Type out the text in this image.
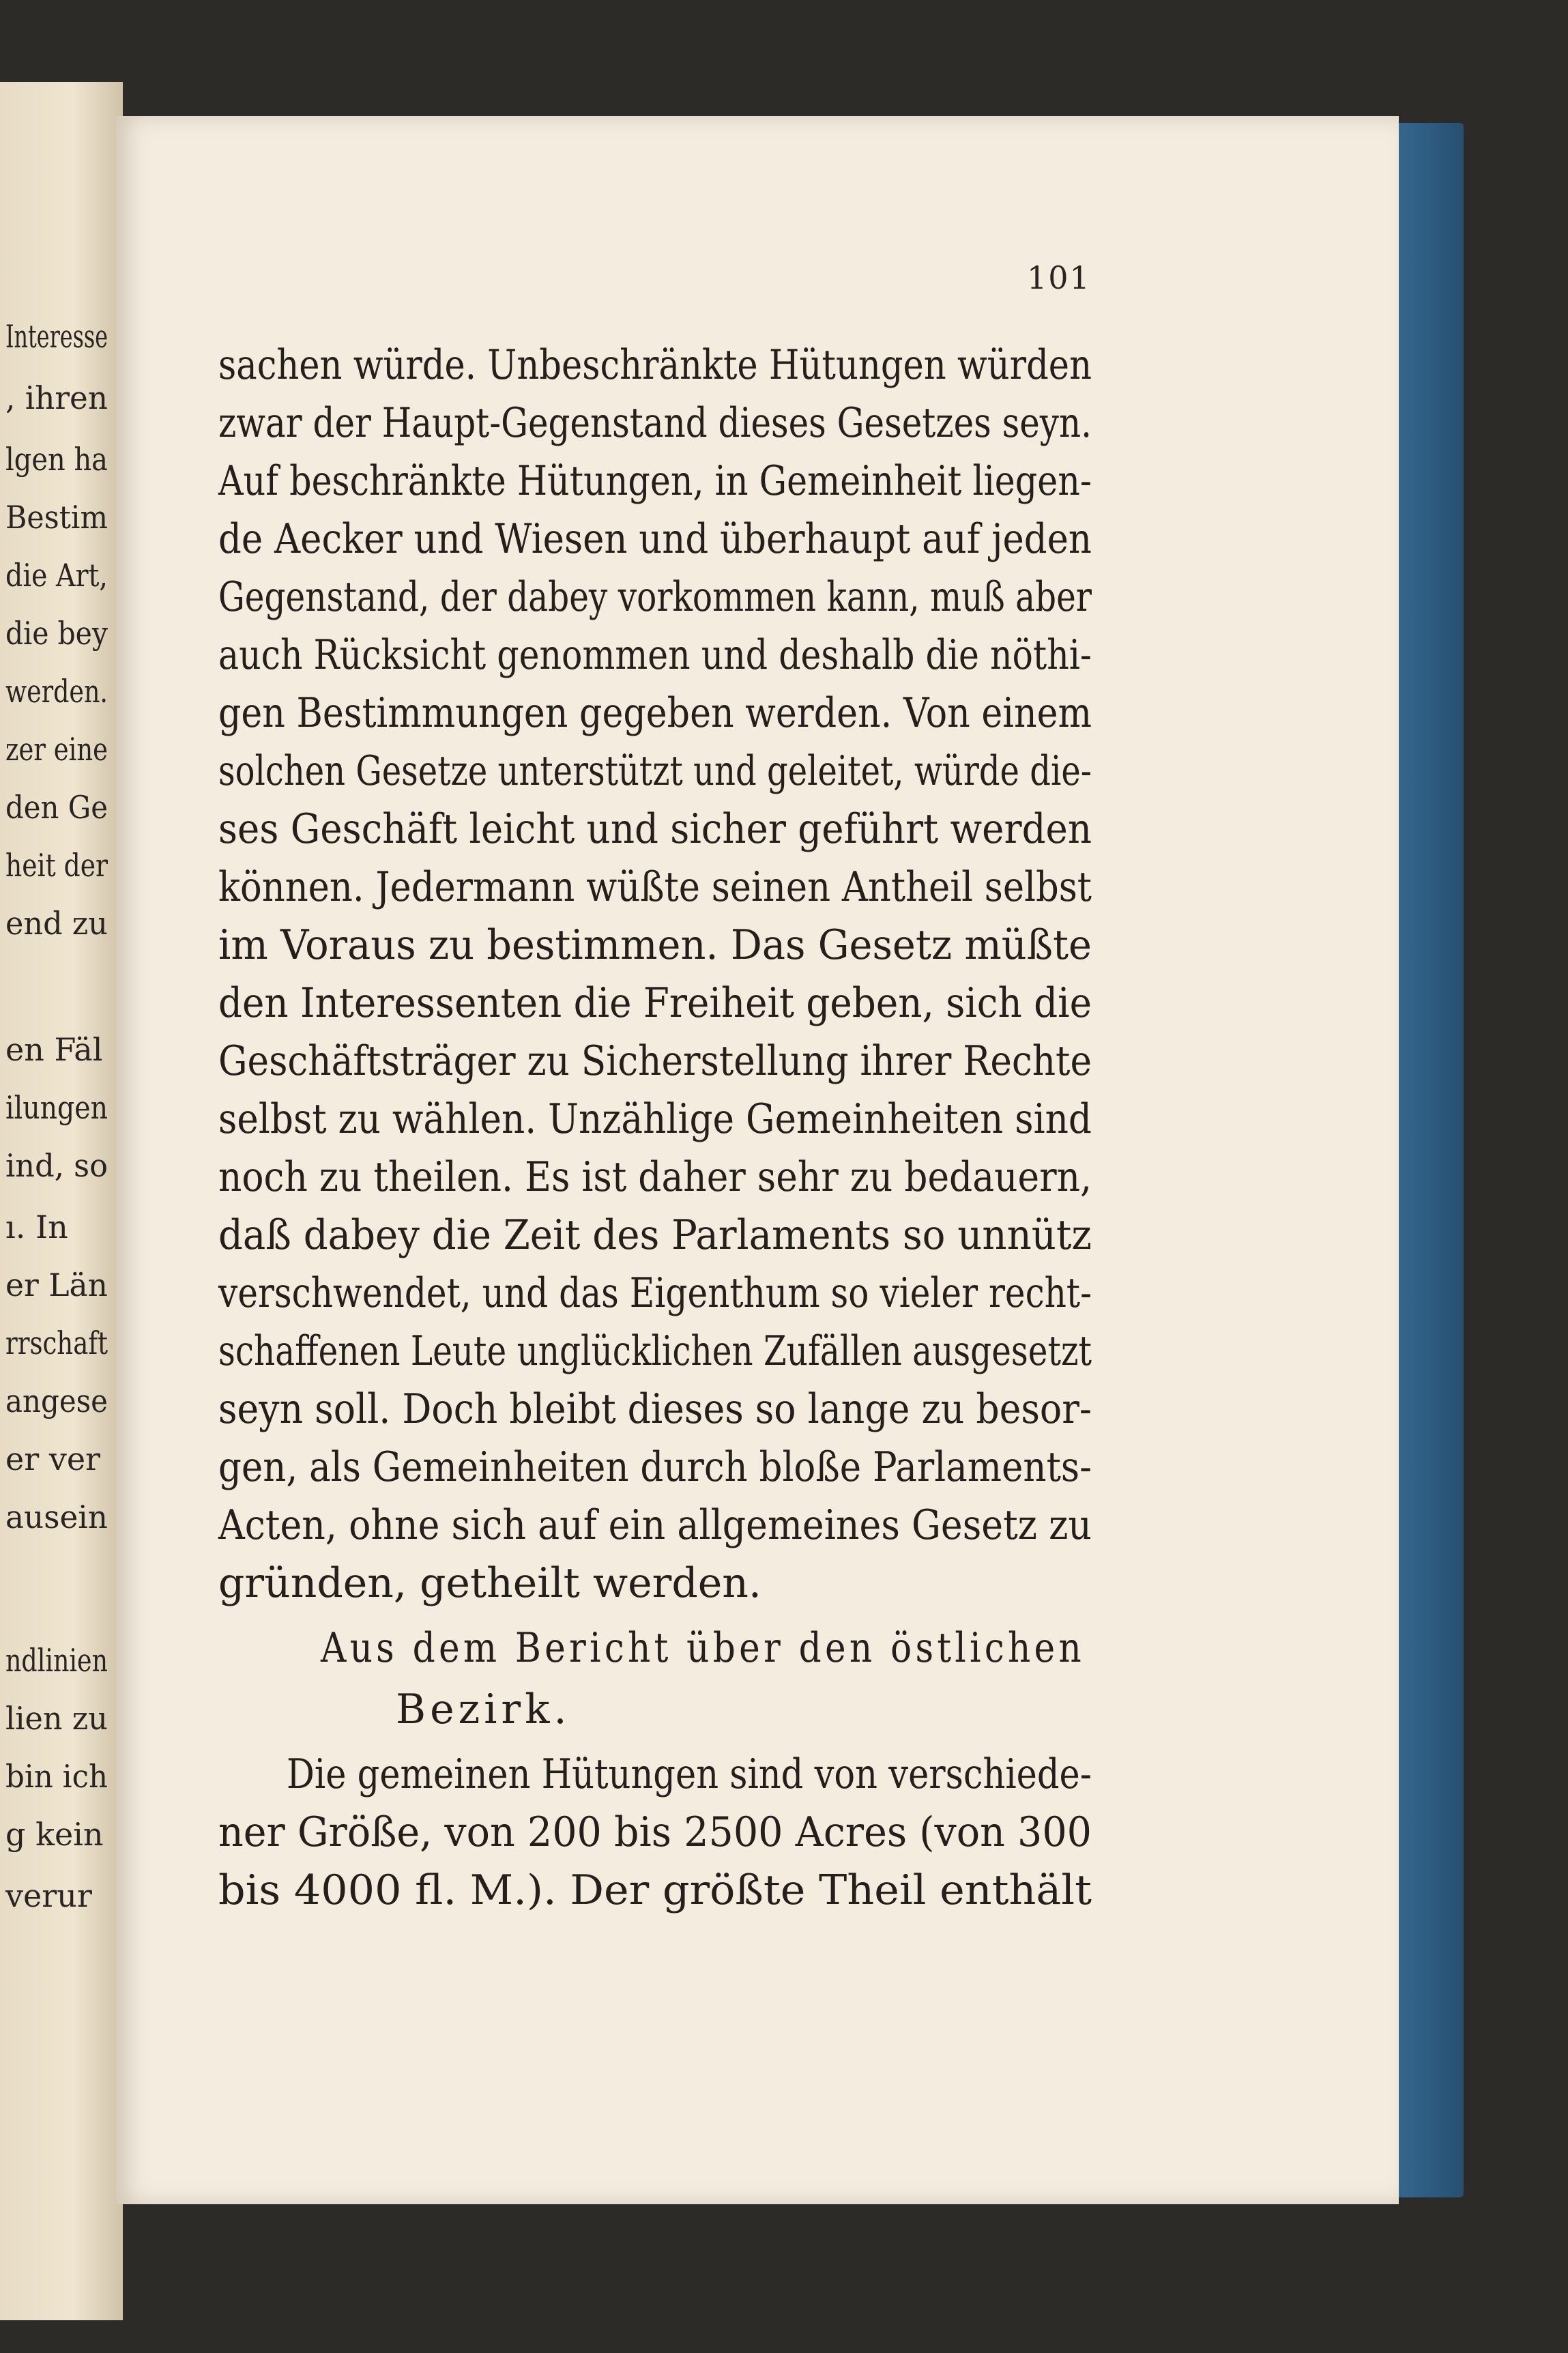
Interesse
, ihren
lgen ha
Bestim
die Art,
die bey
werden.
zer eine
den Ge
heit der
end zu
en Fäl
ilungen
ind, so
ı. In
er Län
rrschaft
angese
er ver
ausein
ndlinien
lien zu
bin ich
g kein
verur
101
sachen würde. Unbeschränkte Hütungen würden
zwar der Haupt-Gegenstand dieses Gesetzes seyn.
Auf beschränkte Hütungen, in Gemeinheit liegen-
de Aecker und Wiesen und überhaupt auf jeden
Gegenstand, der dabey vorkommen kann, muß aber
auch Rücksicht genommen und deshalb die nöthi-
gen Bestimmungen gegeben werden. Von einem
solchen Gesetze unterstützt und geleitet, würde die-
ses Geschäft leicht und sicher geführt werden
können. Jedermann wüßte seinen Antheil selbst
im Voraus zu bestimmen. Das Gesetz müßte
den Interessenten die Freiheit geben, sich die
Geschäftsträger zu Sicherstellung ihrer Rechte
selbst zu wählen. Unzählige Gemeinheiten sind
noch zu theilen. Es ist daher sehr zu bedauern,
daß dabey die Zeit des Parlaments so unnütz
verschwendet, und das Eigenthum so vieler recht-
schaffenen Leute unglücklichen Zufällen ausgesetzt
seyn soll. Doch bleibt dieses so lange zu besor-
gen, als Gemeinheiten durch bloße Parlaments-
Acten, ohne sich auf ein allgemeines Gesetz zu
gründen, getheilt werden.
Aus dem Bericht über den östlichen
Bezirk.
Die gemeinen Hütungen sind von verschiede-
ner Größe, von 200 bis 2500 Acres (von 300
bis 4000 fl. M.). Der größte Theil enthält
